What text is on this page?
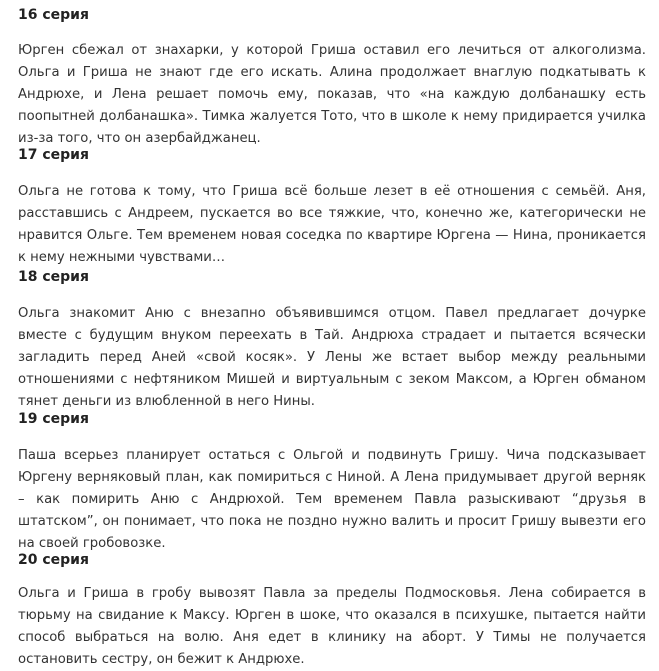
16 серия

Юрген сбежал от знахарки, у которой Гриша оставил его лечиться от алкоголизма. Ольга и Гриша не знают где его искать. Алина продолжает внаглую подкатывать к Андрюхе, и Лена решает помочь ему, показав, что «на каждую долбанашку есть поопытней долбанашка». Тимка жалуется Тото, что в школе к нему придирается училка из-за того, что он азербайджанец.

17 серия

Ольга не готова к тому, что Гриша всё больше лезет в её отношения с семьёй. Аня, расставшись с Андреем, пускается во все тяжкие, что, конечно же, категорически не нравится Ольге. Тем временем новая соседка по квартире Юргена — Нина, проникается к нему нежными чувствами…

18 серия

Ольга знакомит Аню с внезапно объявившимся отцом. Павел предлагает дочурке вместе с будущим внуком переехать в Тай. Андрюха страдает и пытается всячески загладить перед Аней «свой косяк». У Лены же встает выбор между реальными отношениями с нефтяником Мишей и виртуальным с зеком Максом, а Юрген обманом тянет деньги из влюбленной в него Нины.

19 серия

Паша всерьез планирует остаться с Ольгой и подвинуть Гришу. Чича подсказывает Юргену верняковый план, как помириться с Ниной. А Лена придумывает другой верняк – как помирить Аню с Андрюхой. Тем временем Павла разыскивают “друзья в штатском”, он понимает, что пока не поздно нужно валить и просит Гришу вывезти его на своей гробовозке.

20 серия

Ольга и Гриша в гробу вывозят Павла за пределы Подмосковья. Лена собирается в тюрьму на свидание к Максу. Юрген в шоке, что оказался в психушке, пытается найти способ выбраться на волю. Аня едет в клинику на аборт. У Тимы не получается остановить сестру, он бежит к Андрюхе.
